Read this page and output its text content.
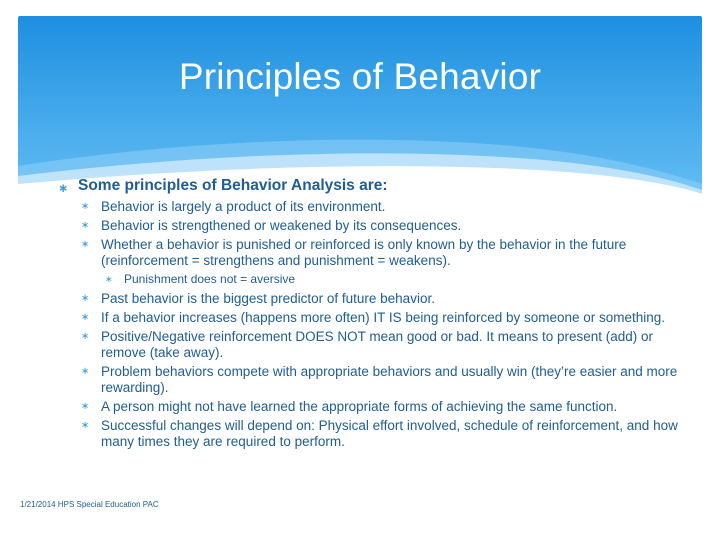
Principles of Behavior
∗ Some principles of Behavior Analysis are:
∗ Behavior is largely a product of its environment.
∗ Behavior is strengthened or weakened by its consequences.
∗ Whether a behavior is punished or reinforced is only known by the behavior in the future (reinforcement = strengthens and punishment = weakens).
∗ Punishment does not = aversive
∗ Past behavior is the biggest predictor of future behavior.
∗ If a behavior increases (happens more often) IT IS being reinforced by someone or something.
∗ Positive/Negative reinforcement DOES NOT mean good or bad. It means to present (add) or remove (take away).
∗ Problem behaviors compete with appropriate behaviors and usually win (they’re easier and more rewarding).
∗ A person might not have learned the appropriate forms of achieving the same function.
∗ Successful changes will depend on: Physical effort involved, schedule of reinforcement, and how many times they are required to perform.
1/21/2014 HPS Special Education PAC
